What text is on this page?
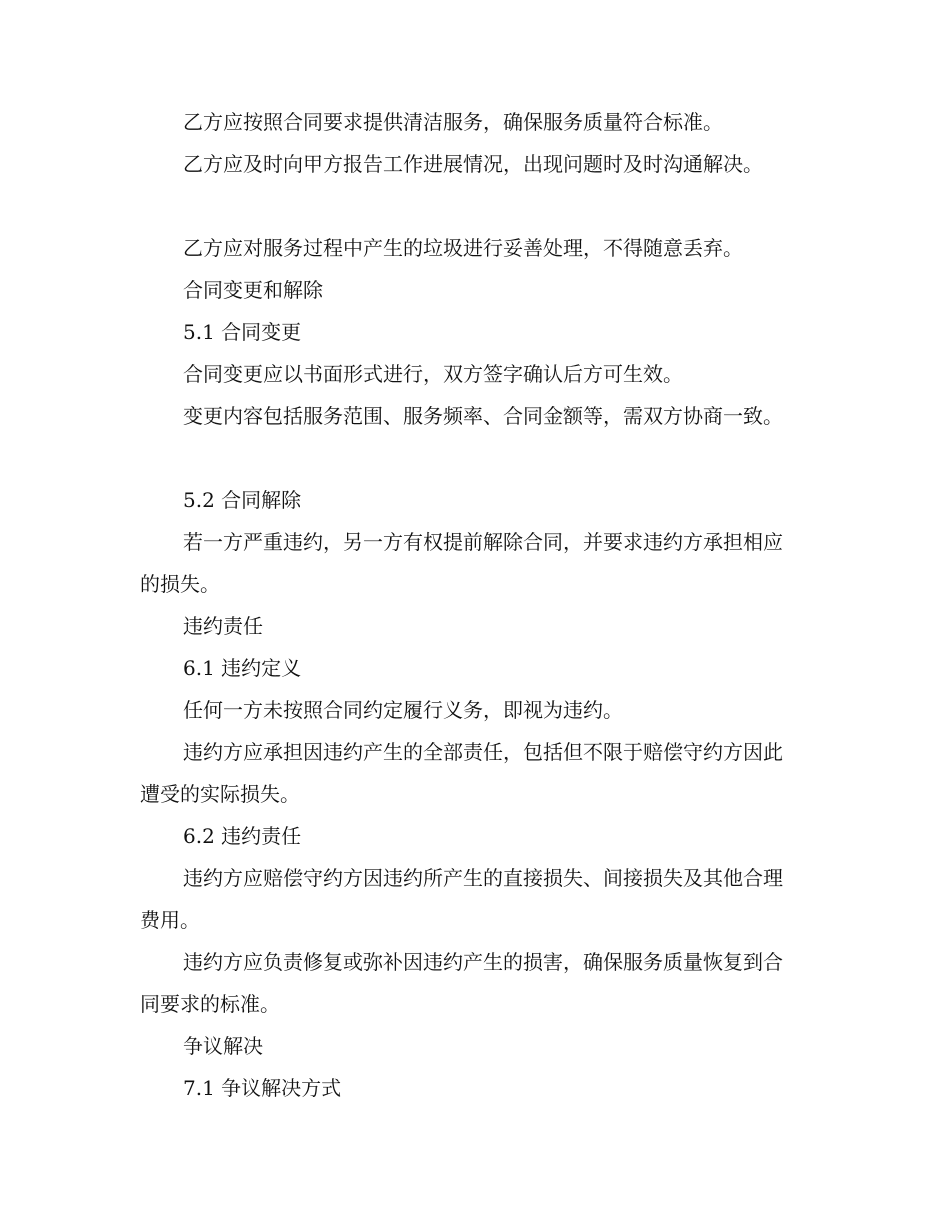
乙方应按照合同要求提供清洁服务，确保服务质量符合标准。

乙方应及时向甲方报告工作进展情况，出现问题时及时沟通解决。

乙方应对服务过程中产生的垃圾进行妥善处理，不得随意丢弃。

合同变更和解除

5.1 合同变更

合同变更应以书面形式进行，双方签字确认后方可生效。

变更内容包括服务范围、服务频率、合同金额等，需双方协商一致。

5.2 合同解除

若一方严重违约，另一方有权提前解除合同，并要求违约方承担相应的损失。

违约责任

6.1 违约定义

任何一方未按照合同约定履行义务，即视为违约。

违约方应承担因违约产生的全部责任，包括但不限于赔偿守约方因此遭受的实际损失。

6.2 违约责任

违约方应赔偿守约方因违约所产生的直接损失、间接损失及其他合理费用。

违约方应负责修复或弥补因违约产生的损害，确保服务质量恢复到合同要求的标准。

争议解决

7.1 争议解决方式
